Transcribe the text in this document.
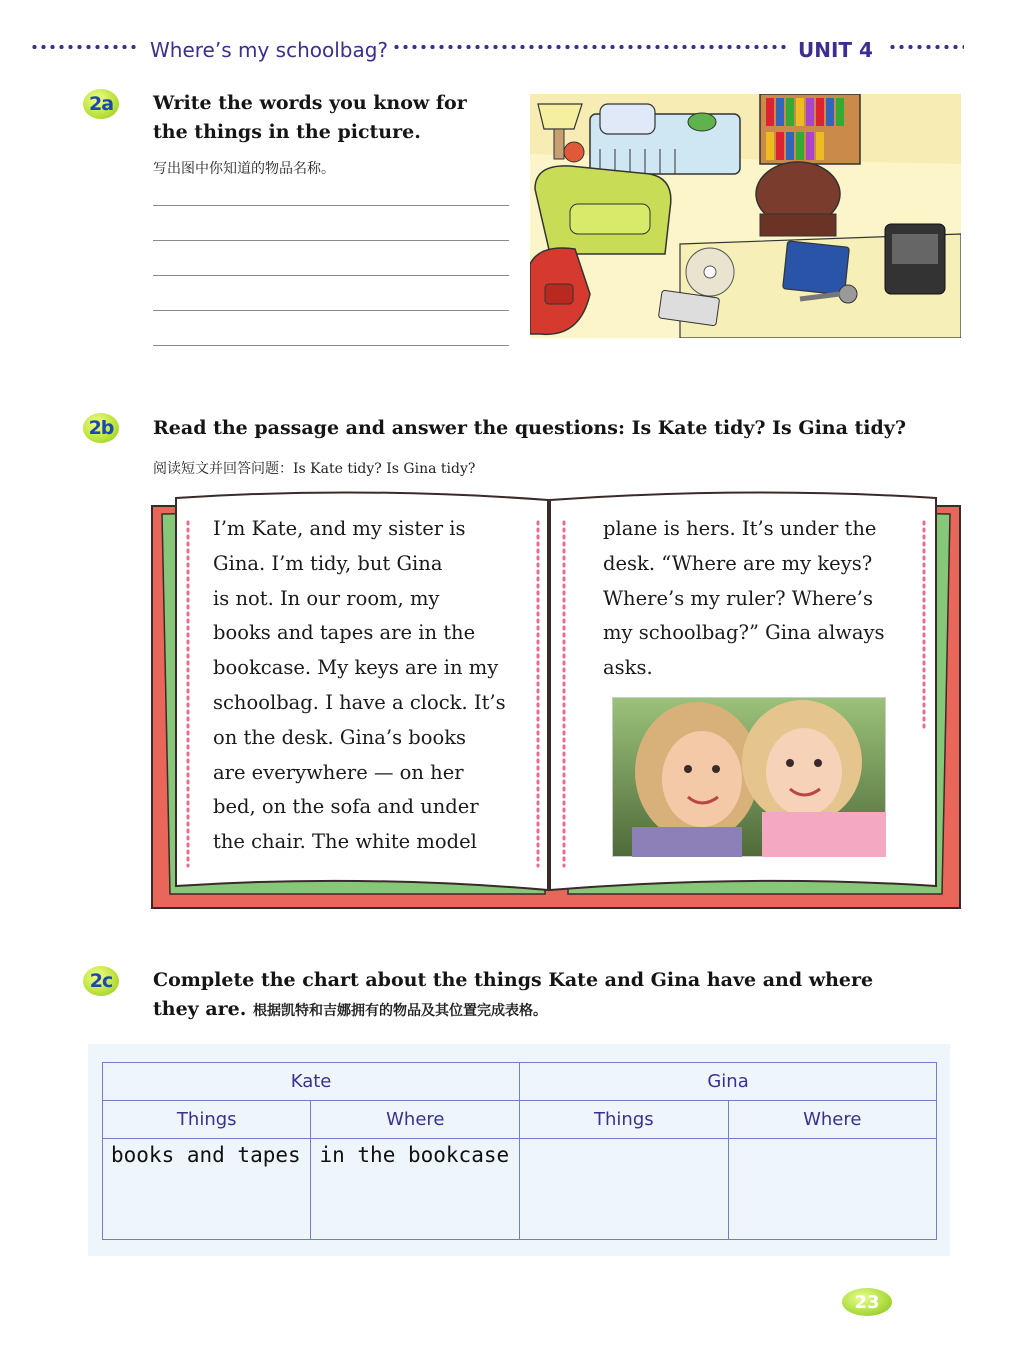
Where’s my schoolbag?	UNIT 4
2a	Write the words you know for
the things in the picture.
写出图中你知道的物品名称。
2b Read the passage and answer the questions: Is Kate tidy? Is Gina tidy?
阅读短文并回答问题：Is Kate tidy? Is Gina tidy?
I’m Kate, and my sister is
Gina. I’m tidy, but Gina
is not. In our room, my
books and tapes are in the
bookcase. My keys are in my
schoolbag. I have a clock. It’s
on the desk. Gina’s books
are everywhere — on her
bed, on the sofa and under
the chair. The white model
plane is hers. It’s under the
desk. “Where are my keys?
Where’s my ruler? Where’s
my schoolbag?” Gina always
asks.
2c	Complete the chart about the things Kate and Gina have and where
they are. 根据凯特和吉娜拥有的物品及其位置完成表格。
Kate		Gina	
Things	Where	Things	Where
books and tapes	in the bookcase		
23
